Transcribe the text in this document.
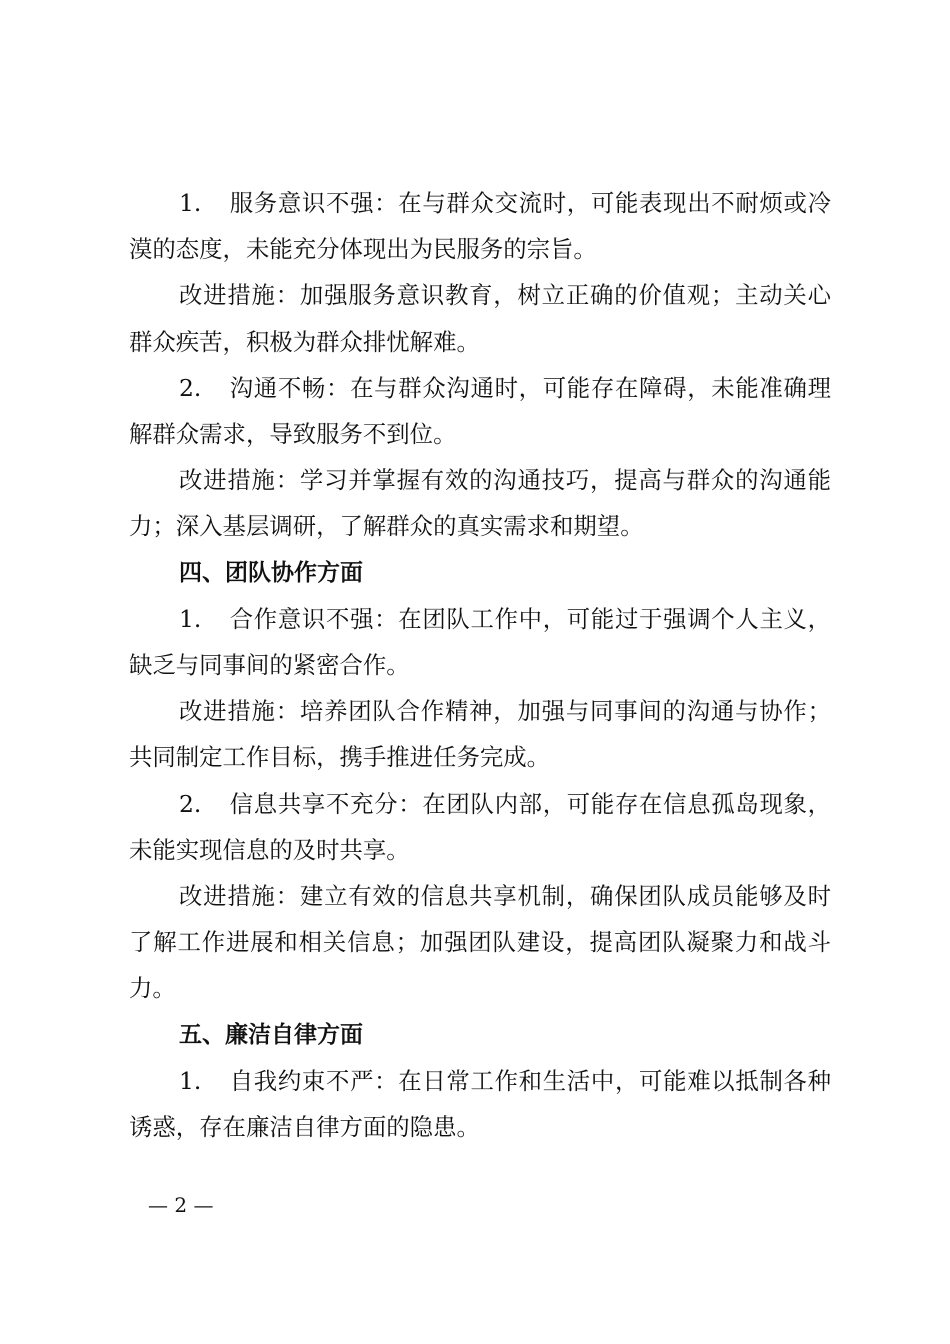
1. 服务意识不强：在与群众交流时，可能表现出不耐烦或冷漠的态度，未能充分体现出为民服务的宗旨。

改进措施：加强服务意识教育，树立正确的价值观；主动关心群众疾苦，积极为群众排忧解难。

2. 沟通不畅：在与群众沟通时，可能存在障碍，未能准确理解群众需求，导致服务不到位。

改进措施：学习并掌握有效的沟通技巧，提高与群众的沟通能力；深入基层调研，了解群众的真实需求和期望。

四、团队协作方面

1. 合作意识不强：在团队工作中，可能过于强调个人主义，缺乏与同事间的紧密合作。

改进措施：培养团队合作精神，加强与同事间的沟通与协作；共同制定工作目标，携手推进任务完成。

2. 信息共享不充分：在团队内部，可能存在信息孤岛现象，未能实现信息的及时共享。

改进措施：建立有效的信息共享机制，确保团队成员能够及时了解工作进展和相关信息；加强团队建设，提高团队凝聚力和战斗力。

五、廉洁自律方面

1. 自我约束不严：在日常工作和生活中，可能难以抵制各种诱惑，存在廉洁自律方面的隐患。

— 2 —
